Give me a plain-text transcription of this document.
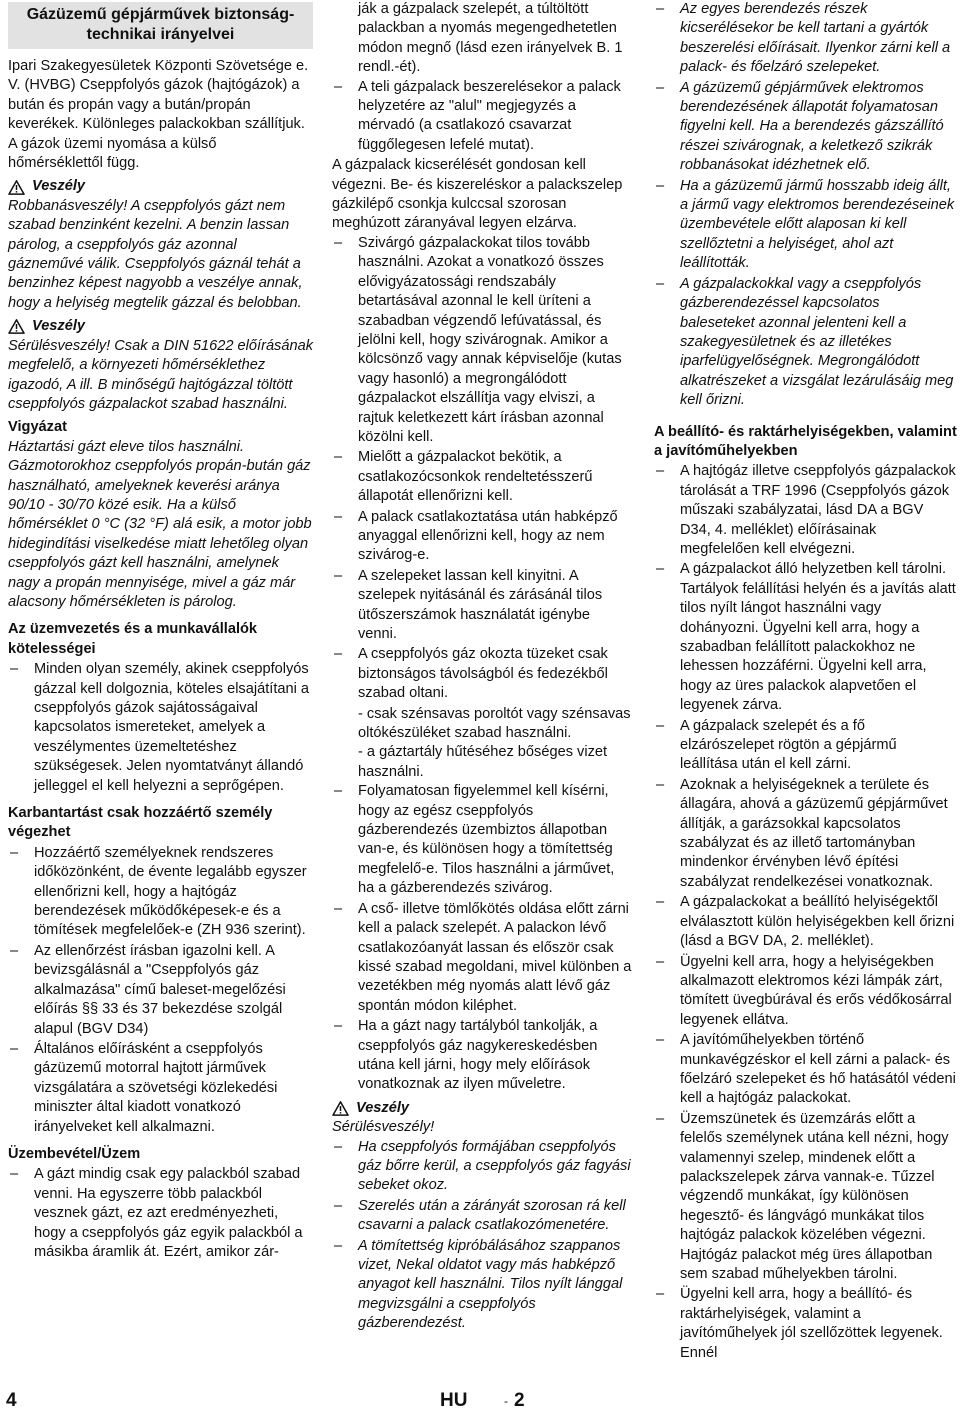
Gázüzemű gépjárművek biztonság-technikai irányelvei

Ipari Szakegyesületek Központi Szövetsége e. V. (HVBG) Cseppfolyós gázok (hajtógázok) a bután és propán vagy a bután/propán keverékek. Különleges palackokban szállítjuk. A gázok üzemi nyomása a külső hőmérséklettől függ.

Veszély

Robbanásveszély! A cseppfolyós gázt nem szabad benzinként kezelni. A benzin lassan párolog, a cseppfolyós gáz azonnal gázneművé válik. Cseppfolyós gáznál tehát a benzinhez képest nagyobb a veszélye annak, hogy a helyiség megtelik gázzal és belobban.

Veszély

Sérülésveszély! Csak a DIN 51622 előírásának megfelelő, a környezeti hőmérséklethez igazodó, A ill. B minőségű hajtógázzal töltött cseppfolyós gázpalackot szabad használni.

Vigyázat

Háztartási gázt eleve tilos használni. Gázmotorokhoz cseppfolyós propán-bután gáz használható, amelyeknek keverési aránya 90/10 - 30/70 közé esik. Ha a külső hőmérséklet 0 °C (32 °F) alá esik, a motor jobb hidegindítási viselkedése miatt lehetőleg olyan cseppfolyós gázt kell használni, amelynek nagy a propán mennyisége, mivel a gáz már alacsony hőmérsékleten is párolog.

Az üzemvezetés és a munkavállalók kötelességei
– Minden olyan személy, akinek cseppfolyós gázzal kell dolgoznia, köteles elsajátítani a cseppfolyós gázok sajátosságaival kapcsolatos ismereteket, amelyek a veszélymentes üzemeltetéshez szükségesek. Jelen nyomtatványt állandó jelleggel el kell helyezni a seprőgépen.
Karbantartást csak hozzáértő személy végezhet
– Hozzáértő személyeknek rendszeres időközönként, de évente legalább egyszer ellenőrizni kell, hogy a hajtógáz berendezések működőképesek-e és a tömítések megfelelőek-e (ZH 936 szerint).
– Az ellenőrzést írásban igazolni kell. A bevizsgálásnál a "Cseppfolyós gáz alkalmazása" című baleset-megelőzési előírás §§ 33 és 37 bekezdése szolgál alapul (BGV D34)
– Általános előírásként a cseppfolyós gázüzemű motorral hajtott járművek vizsgálatára a szövetségi közlekedési miniszter által kiadott vonatkozó irányelveket kell alkalmazni.
Üzembevétel/Üzem
– A gázt mindig csak egy palackból szabad venni. Ha egyszerre több palackból vesznek gázt, ez azt eredményezheti, hogy a cseppfolyós gáz egyik palackból a másikba áramlik át. Ezért, amikor zár-

ják a gázpalack szelepét, a túltöltött palackban a nyomás megengedhetetlen módon megnő (lásd ezen irányelvek B. 1 rendl.-ét).

– A teli gázpalack beszerelésekor a palack helyzetére az "alul" megjegyzés a mérvadó (a csatlakozó csavarzat függőlegesen lefelé mutat).

A gázpalack kicserélését gondosan kell végezni. Be- és kiszereléskor a palackszelep gázkilépő csonkja kulccsal szorosan meghúzott záranyával legyen elzárva.

– Szivárgó gázpalackokat tilos tovább használni. Azokat a vonatkozó összes elővigyázatossági rendszabály betartásával azonnal le kell üríteni a szabadban végzendő lefúvatással, és jelölni kell, hogy szivárognak. Amikor a kölcsönző vagy annak képviselője (kutas vagy hasonló) a megrongálódott gázpalackot elszállítja vagy elviszi, a rajtuk keletkezett kárt írásban azonnal közölni kell.
– Mielőtt a gázpalackot bekötik, a csatlakozócsonkok rendeltetésszerű állapotát ellenőrizni kell.
– A palack csatlakoztatása után habképző anyaggal ellenőrizni kell, hogy az nem szivárog-e.
– A szelepeket lassan kell kinyitni. A szelepek nyitásánál és zárásánál tilos ütőszerszámok használatát igénybe venni.
– A cseppfolyós gáz okozta tüzeket csak biztonságos távolságból és fedezékből szabad oltani.

- csak szénsavas poroltót vagy szénsavas oltókészüléket szabad használni.

- a gáztartály hűtéséhez bőséges vizet használni.

– Folyamatosan figyelemmel kell kísérni, hogy az egész cseppfolyós gázberendezés üzembiztos állapotban van-e, és különösen hogy a tömítettség megfelelő-e. Tilos használni a járművet, ha a gázberendezés szivárog.
– A cső- illetve tömlőkötés oldása előtt zárni kell a palack szelepét. A palackon lévő csatlakozóanyát lassan és először csak kissé szabad megoldani, mivel különben a vezetékben még nyomás alatt lévő gáz spontán módon kiléphet.
– Ha a gázt nagy tartályból tankolják, a cseppfolyós gáz nagykereskedésben utána kell járni, hogy mely előírások vonatkoznak az ilyen műveletre.
Veszély

Sérülésveszély!

– Ha cseppfolyós formájában cseppfolyós gáz bőrre kerül, a cseppfolyós gáz fagyási sebeket okoz.
– Szerelés után a zárányát szorosan rá kell csavarni a palack csatlakozómenetére.
– A tömítettség kipróbálásához szappanos vizet, Nekal oldatot vagy más habképző anyagot kell használni. Tilos nyílt lánggal megvizsgálni a cseppfolyós gázberendezést.
– Az egyes berendezés részek kicserélésekor be kell tartani a gyártók beszerelési előírásait. Ilyenkor zárni kell a palack- és főelzáró szelepeket.
– A gázüzemű gépjárművek elektromos berendezésének állapotát folyamatosan figyelni kell. Ha a berendezés gázszállító részei szivárognak, a keletkező szikrák robbanásokat idézhetnek elő.
– Ha a gázüzemű jármű hosszabb ideig állt, a jármű vagy elektromos berendezéseinek üzembevétele előtt alaposan ki kell szellőztetni a helyiséget, ahol azt leállították.
– A gázpalackokkal vagy a cseppfolyós gázberendezéssel kapcsolatos baleseteket azonnal jelenteni kell a szakegyesületnek és az illetékes iparfelügyelőségnek. Megrongálódott alkatrészeket a vizsgálat lezárulásáig meg kell őrizni.
A beállító- és raktárhelyiségekben, valamint a javítóműhelyekben
– A hajtógáz illetve cseppfolyós gázpalackok tárolását a TRF 1996 (Cseppfolyós gázok műszaki szabályzatai, lásd DA a BGV D34, 4. melléklet) előírásainak megfelelően kell elvégezni.
– A gázpalackot álló helyzetben kell tárolni. Tartályok felállítási helyén és a javítás alatt tilos nyílt lángot használni vagy dohányozni. Ügyelni kell arra, hogy a szabadban felállított palackokhoz ne lehessen hozzáférni. Ügyelni kell arra, hogy az üres palackok alapvetően el legyenek zárva.
– A gázpalack szelepét és a fő elzárószelepet rögtön a gépjármű leállítása után el kell zárni.
– Azoknak a helyiségeknek a területe és állagára, ahová a gázüzemű gépjárművet állítják, a garázsokkal kapcsolatos szabályzat és az illető tartományban mindenkor érvényben lévő építési szabályzat rendelkezései vonatkoznak.
– A gázpalackokat a beállító helyiségektől elválasztott külön helyiségekben kell őrizni (lásd a BGV DA, 2. melléklet).
– Ügyelni kell arra, hogy a helyiségekben alkalmazott elektromos kézi lámpák zárt, tömített üvegbúrával és erős védőkosárral legyenek ellátva.
– A javítóműhelyekben történő munkavégzéskor el kell zárni a palack- és főelzáró szelepeket és hő hatásától védeni kell a hajtógáz palackokat.
– Üzemszünetek és üzemzárás előtt a felelős személynek utána kell nézni, hogy valamennyi szelep, mindenek előtt a palackszelepek zárva vannak-e. Tűzzel végzendő munkákat, így különösen hegesztő- és lángvágó munkákat tilos hajtógáz palackok közelében végezni. Hajtógáz palackot még üres állapotban sem szabad műhelyekben tárolni.
– Ügyelni kell arra, hogy a beállító- és raktárhelyiségek, valamint a javítóműhelyek jól szellőzöttek legyenek. Ennél
4	HU	- 2
